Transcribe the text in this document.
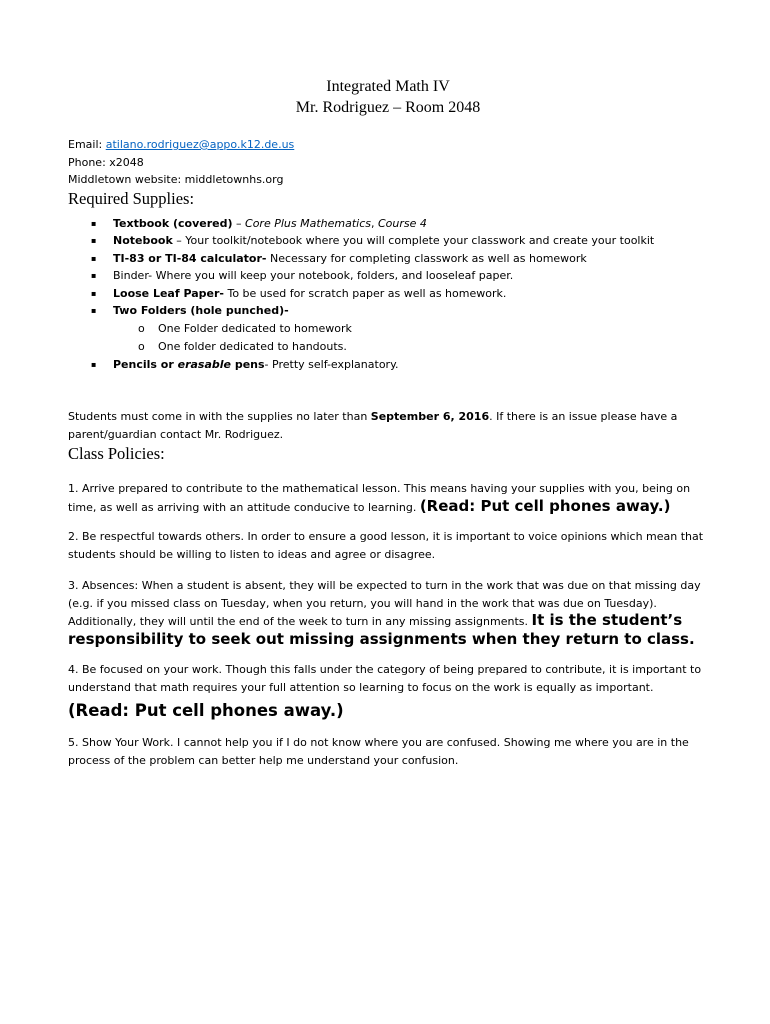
Integrated Math IV
Mr. Rodriguez – Room 2048
Email: atilano.rodriguez@appo.k12.de.us
Phone: x2048
Middletown website: middletownhs.org
Required Supplies:
▪ Textbook (covered) – Core Plus Mathematics, Course 4
▪ Notebook – Your toolkit/notebook where you will complete your classwork and create your toolkit
▪ TI-83 or TI-84 calculator- Necessary for completing classwork as well as homework
▪ Binder- Where you will keep your notebook, folders, and looseleaf paper.
▪ Loose Leaf Paper- To be used for scratch paper as well as homework.
▪ Two Folders (hole punched)-
o One Folder dedicated to homework
o One folder dedicated to handouts.
▪ Pencils or erasable pens- Pretty self-explanatory.
Students must come in with the supplies no later than September 6, 2016. If there is an issue please have a parent/guardian contact Mr. Rodriguez.
Class Policies:
1. Arrive prepared to contribute to the mathematical lesson. This means having your supplies with you, being on time, as well as arriving with an attitude conducive to learning. (Read: Put cell phones away.)
2. Be respectful towards others. In order to ensure a good lesson, it is important to voice opinions which mean that students should be willing to listen to ideas and agree or disagree.
3. Absences: When a student is absent, they will be expected to turn in the work that was due on that missing day (e.g. if you missed class on Tuesday, when you return, you will hand in the work that was due on Tuesday). Additionally, they will until the end of the week to turn in any missing assignments. It is the student’s responsibility to seek out missing assignments when they return to class.
4. Be focused on your work. Though this falls under the category of being prepared to contribute, it is important to understand that math requires your full attention so learning to focus on the work is equally as important.
(Read: Put cell phones away.)
5. Show Your Work. I cannot help you if I do not know where you are confused. Showing me where you are in the process of the problem can better help me understand your confusion.
